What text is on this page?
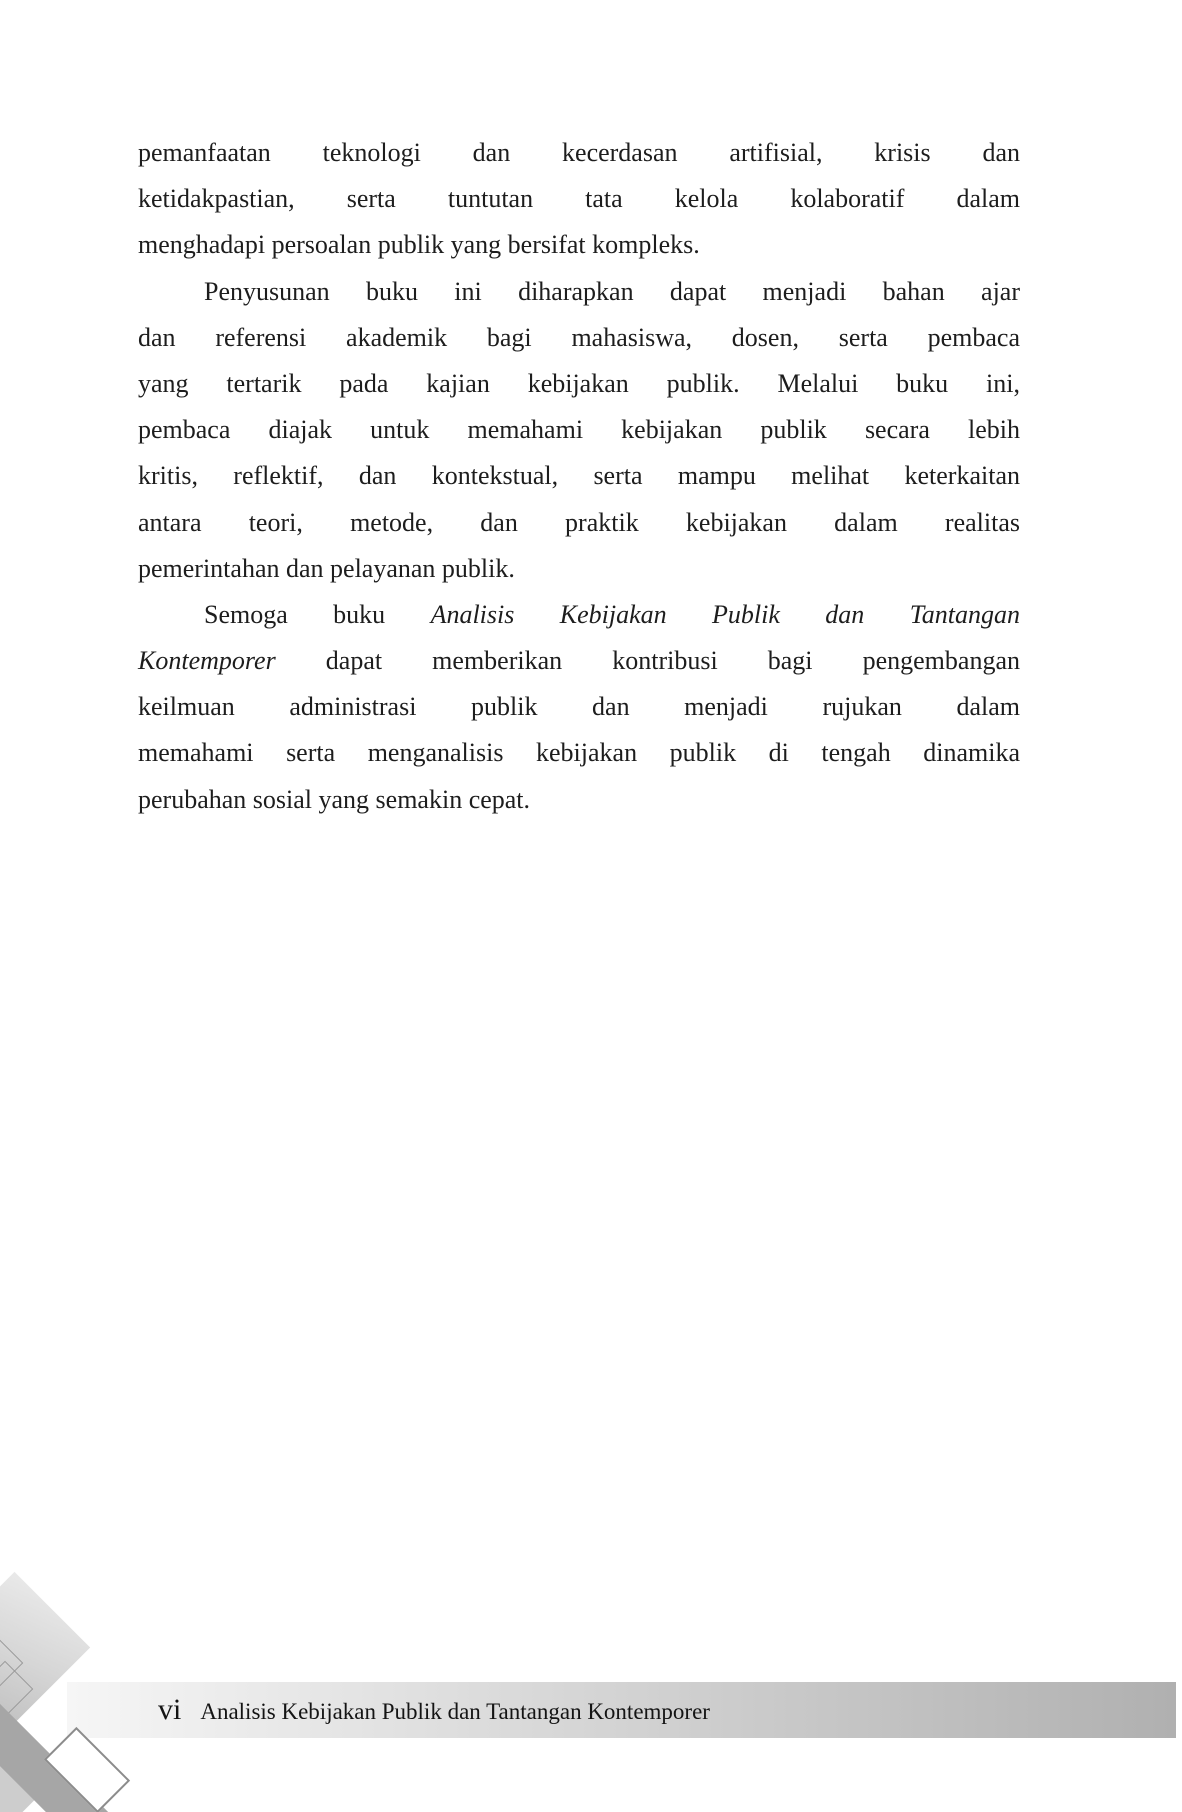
pemanfaatan teknologi dan kecerdasan artifisial, krisis dan
ketidakpastian, serta tuntutan tata kelola kolaboratif dalam
menghadapi persoalan publik yang bersifat kompleks.
Penyusunan buku ini diharapkan dapat menjadi bahan ajar
dan referensi akademik bagi mahasiswa, dosen, serta pembaca
yang tertarik pada kajian kebijakan publik. Melalui buku ini,
pembaca diajak untuk memahami kebijakan publik secara lebih
kritis, reflektif, dan kontekstual, serta mampu melihat keterkaitan
antara teori, metode, dan praktik kebijakan dalam realitas
pemerintahan dan pelayanan publik.
Semoga buku Analisis Kebijakan Publik dan Tantangan
Kontemporer dapat memberikan kontribusi bagi pengembangan
keilmuan administrasi publik dan menjadi rujukan dalam
memahami serta menganalisis kebijakan publik di tengah dinamika
perubahan sosial yang semakin cepat.
vi Analisis Kebijakan Publik dan Tantangan Kontemporer
